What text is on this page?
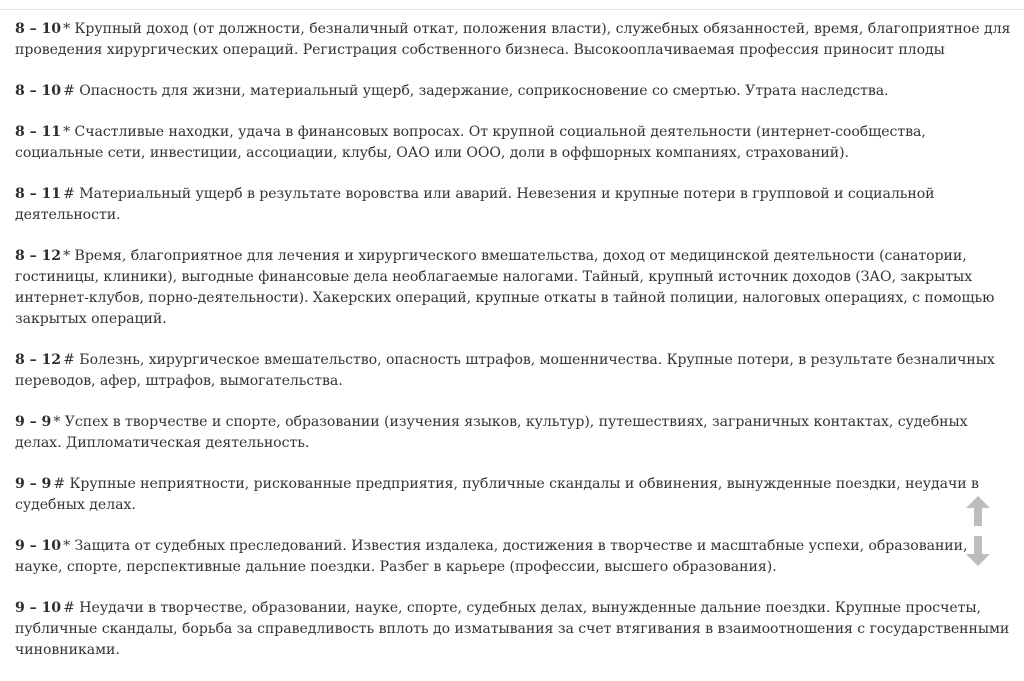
8 – 10 * Крупный доход (от должности, безналичный откат, положения власти), служебных обязанностей, время, благоприятное для проведения хирургических операций. Регистрация собственного бизнеса. Высокооплачиваемая профессия приносит плоды

8 – 10 # Опасность для жизни, материальный ущерб, задержание, соприкосновение со смертью. Утрата наследства.

8 – 11 * Счастливые находки, удача в финансовых вопросах. От крупной социальной деятельности (интернет-сообщества, социальные сети, инвестиции, ассоциации, клубы, ОАО или ООО, доли в оффшорных компаниях, страхований).

8 – 11 # Материальный ущерб в результате воровства или аварий. Невезения и крупные потери в групповой и социальной деятельности.

8 – 12 * Время, благоприятное для лечения и хирургического вмешательства, доход от медицинской деятельности (санатории, гостиницы, клиники), выгодные финансовые дела необлагаемые налогами. Тайный, крупный источник доходов (ЗАО, закрытых интернет-клубов, порно-деятельности). Хакерских операций, крупные откаты в тайной полиции, налоговых операциях, с помощью закрытых операций.

8 – 12 # Болезнь, хирургическое вмешательство, опасность штрафов, мошенничества. Крупные потери, в результате безналичных переводов, афер, штрафов, вымогательства.

9 – 9 * Успех в творчестве и спорте, образовании (изучения языков, культур), путешествиях, заграничных контактах, судебных делах. Дипломатическая деятельность.

9 – 9 # Крупные неприятности, рискованные предприятия, публичные скандалы и обвинения, вынужденные поездки, неудачи в судебных делах.

9 – 10 * Защита от судебных преследований. Известия издалека, достижения в творчестве и масштабные успехи, образовании, науке, спорте, перспективные дальние поездки. Разбег в карьере (профессии, высшего образования).

9 – 10 # Неудачи в творчестве, образовании, науке, спорте, судебных делах, вынужденные дальние поездки. Крупные просчеты, публичные скандалы, борьба за справедливость вплоть до изматывания за счет втягивания в взаимоотношения с государственными чиновниками.
